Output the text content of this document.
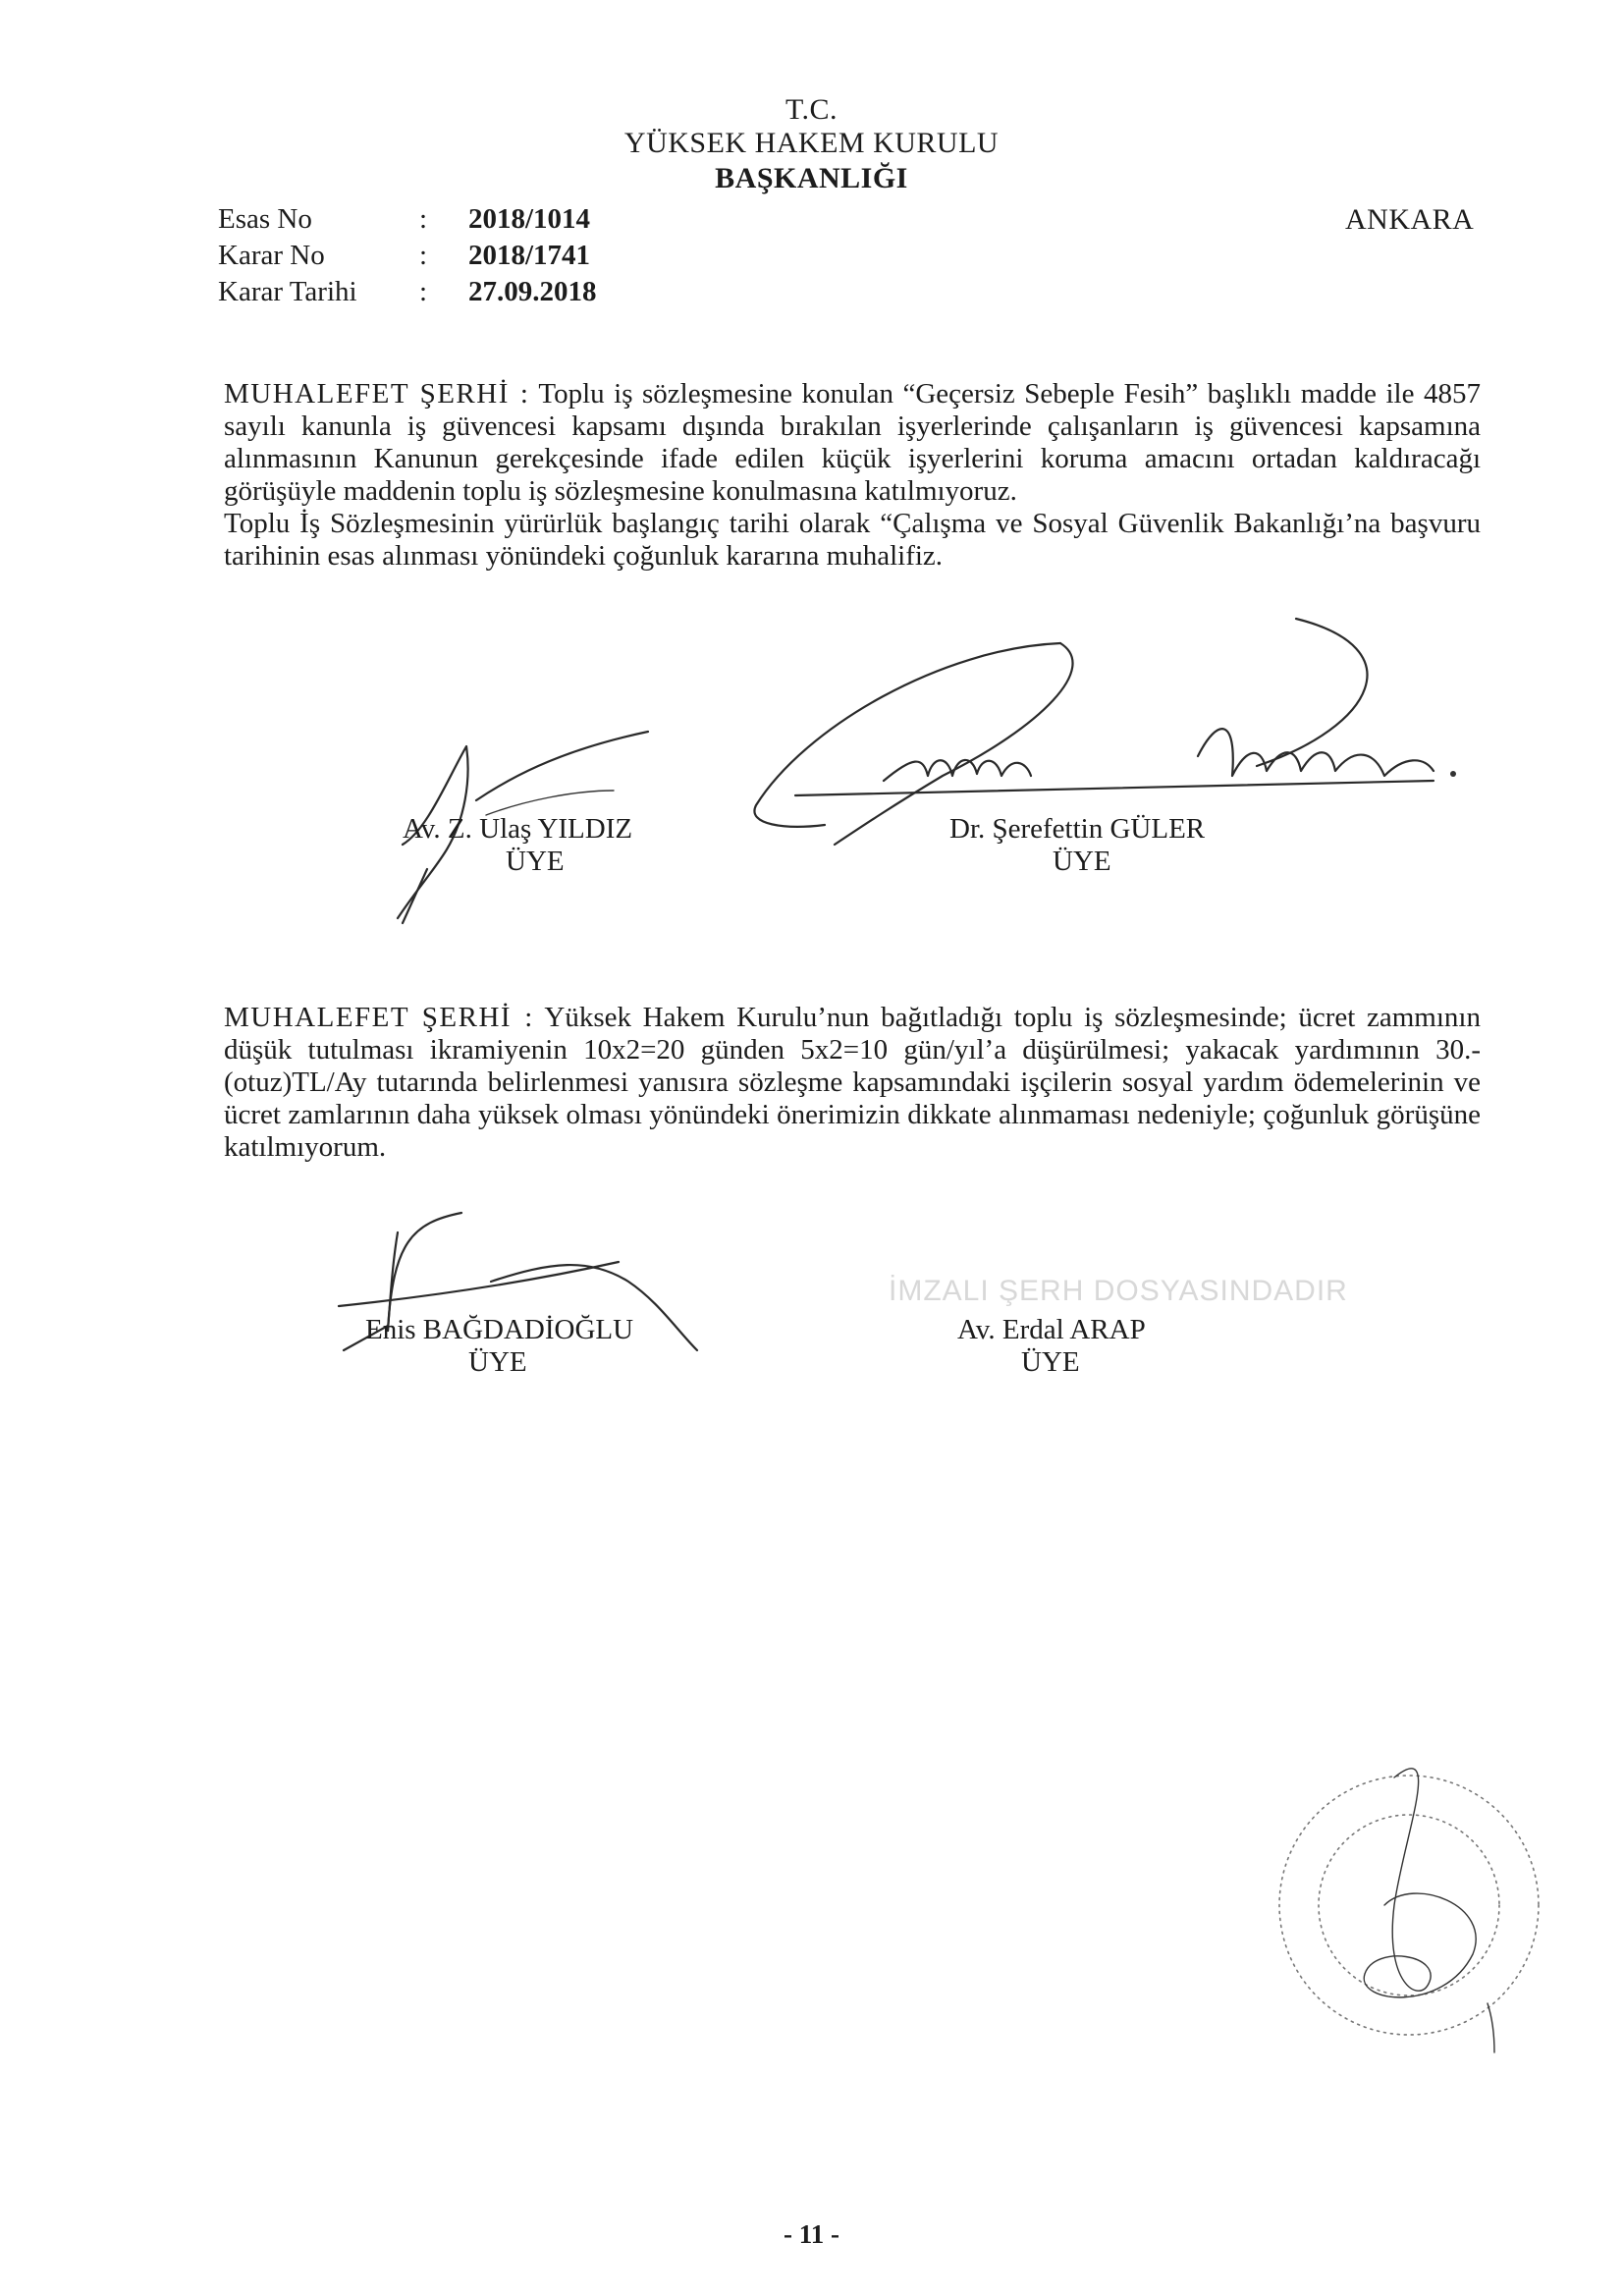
T.C.
YÜKSEK HAKEM KURULU
BAŞKANLIĞI
ANKARA
Esas No	: 2018/1014
Karar No	: 2018/1741
Karar Tarihi : 27.09.2018
MUHALEFET ŞERHİ : Toplu iş sözleşmesine konulan “Geçersiz Sebeple Fesih” başlıklı madde ile 4857 sayılı kanunla iş güvencesi kapsamı dışında bırakılan işyerlerinde çalışanların iş güvencesi kapsamına alınmasının Kanunun gerekçesinde ifade edilen küçük işyerlerini koruma amacını ortadan kaldıracağı görüşüyle maddenin toplu iş sözleşmesine konulmasına katılmıyoruz.
Toplu İş Sözleşmesinin yürürlük başlangıç tarihi olarak “Çalışma ve Sosyal Güvenlik Bakanlığı’na başvuru tarihinin esas alınması yönündeki çoğunluk kararına muhalifiz.
Av. Z. Ulaş YILDIZ
ÜYE
Dr. Şerefettin GÜLER
ÜYE
MUHALEFET ŞERHİ : Yüksek Hakem Kurulu’nun bağıtladığı toplu iş sözleşmesinde; ücret zammının düşük tutulması ikramiyenin 10x2=20 günden 5x2=10 gün/yıl’a düşürülmesi; yakacak yardımının 30.-(otuz)TL/Ay tutarında belirlenmesi yanısıra sözleşme kapsamındaki işçilerin sosyal yardım ödemelerinin ve ücret zamlarının daha yüksek olması yönündeki önerimizin dikkate alınmaması nedeniyle; çoğunluk görüşüne katılmıyorum.
Enis BAĞDADİOĞLU
ÜYE
İMZALI ŞERH DOSYASINDADIR
Av. Erdal ARAP
ÜYE
- 11 -
